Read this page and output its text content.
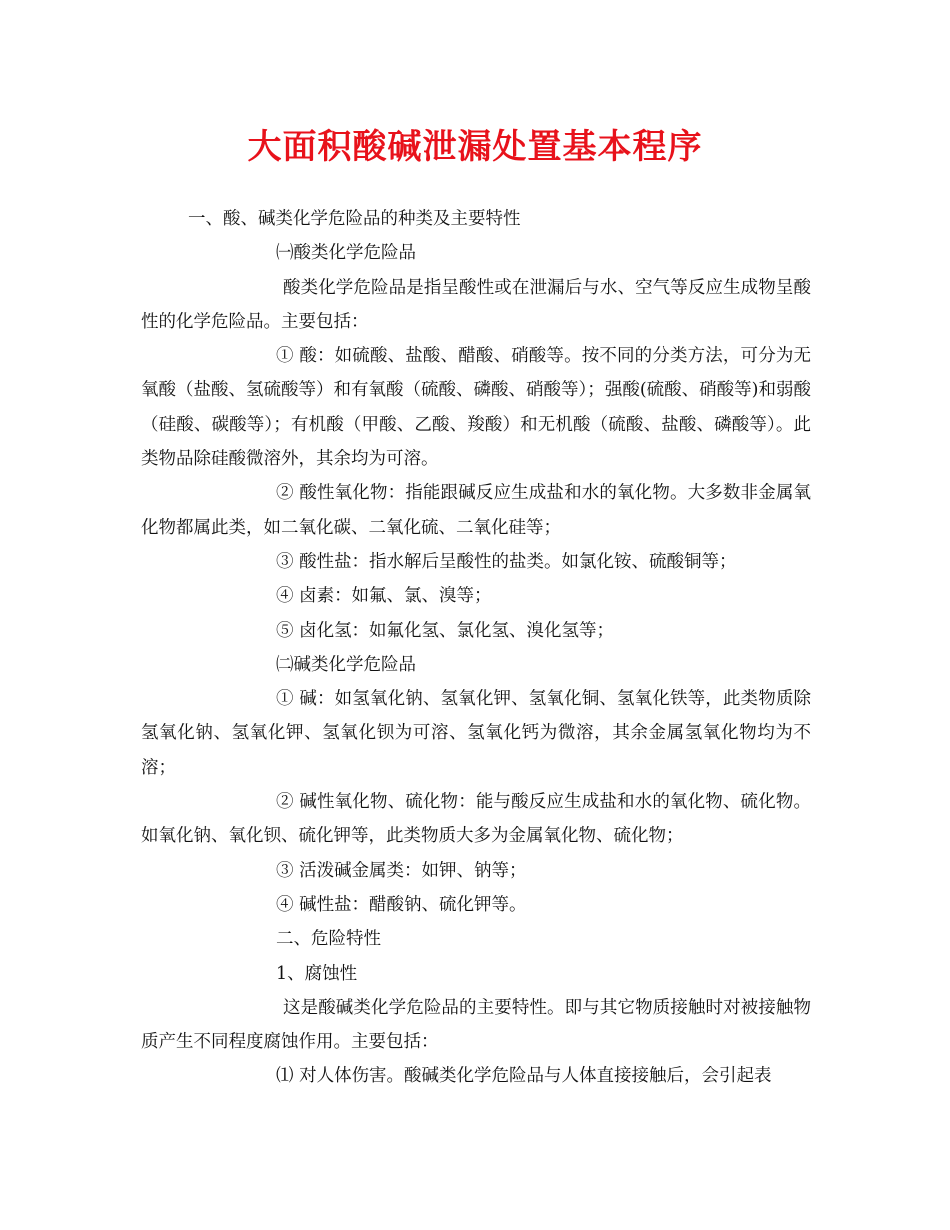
大面积酸碱泄漏处置基本程序

一、酸、碱类化学危险品的种类及主要特性

㈠酸类化学危险品

酸类化学危险品是指呈酸性或在泄漏后与水、空气等反应生成物呈酸性的化学危险品。主要包括：

① 酸：如硫酸、盐酸、醋酸、硝酸等。按不同的分类方法，可分为无氧酸（盐酸、氢硫酸等）和有氧酸（硫酸、磷酸、硝酸等）；强酸(硫酸、硝酸等)和弱酸（硅酸、碳酸等）；有机酸（甲酸、乙酸、羧酸）和无机酸（硫酸、盐酸、磷酸等）。此类物品除硅酸微溶外，其余均为可溶。

② 酸性氧化物：指能跟碱反应生成盐和水的氧化物。大多数非金属氧化物都属此类，如二氧化碳、二氧化硫、二氧化硅等；

③ 酸性盐：指水解后呈酸性的盐类。如氯化铵、硫酸铜等；

④ 卤素：如氟、氯、溴等；

⑤ 卤化氢：如氟化氢、氯化氢、溴化氢等；

㈡碱类化学危险品

① 碱：如氢氧化钠、氢氧化钾、氢氧化铜、氢氧化铁等，此类物质除氢氧化钠、氢氧化钾、氢氧化钡为可溶、氢氧化钙为微溶，其余金属氢氧化物均为不溶；

② 碱性氧化物、硫化物：能与酸反应生成盐和水的氧化物、硫化物。如氧化钠、氧化钡、硫化钾等，此类物质大多为金属氧化物、硫化物；

③ 活泼碱金属类：如钾、钠等；

④ 碱性盐：醋酸钠、硫化钾等。

二、危险特性

1、腐蚀性

这是酸碱类化学危险品的主要特性。即与其它物质接触时对被接触物质产生不同程度腐蚀作用。主要包括：

⑴ 对人体伤害。酸碱类化学危险品与人体直接接触后，会引起表
